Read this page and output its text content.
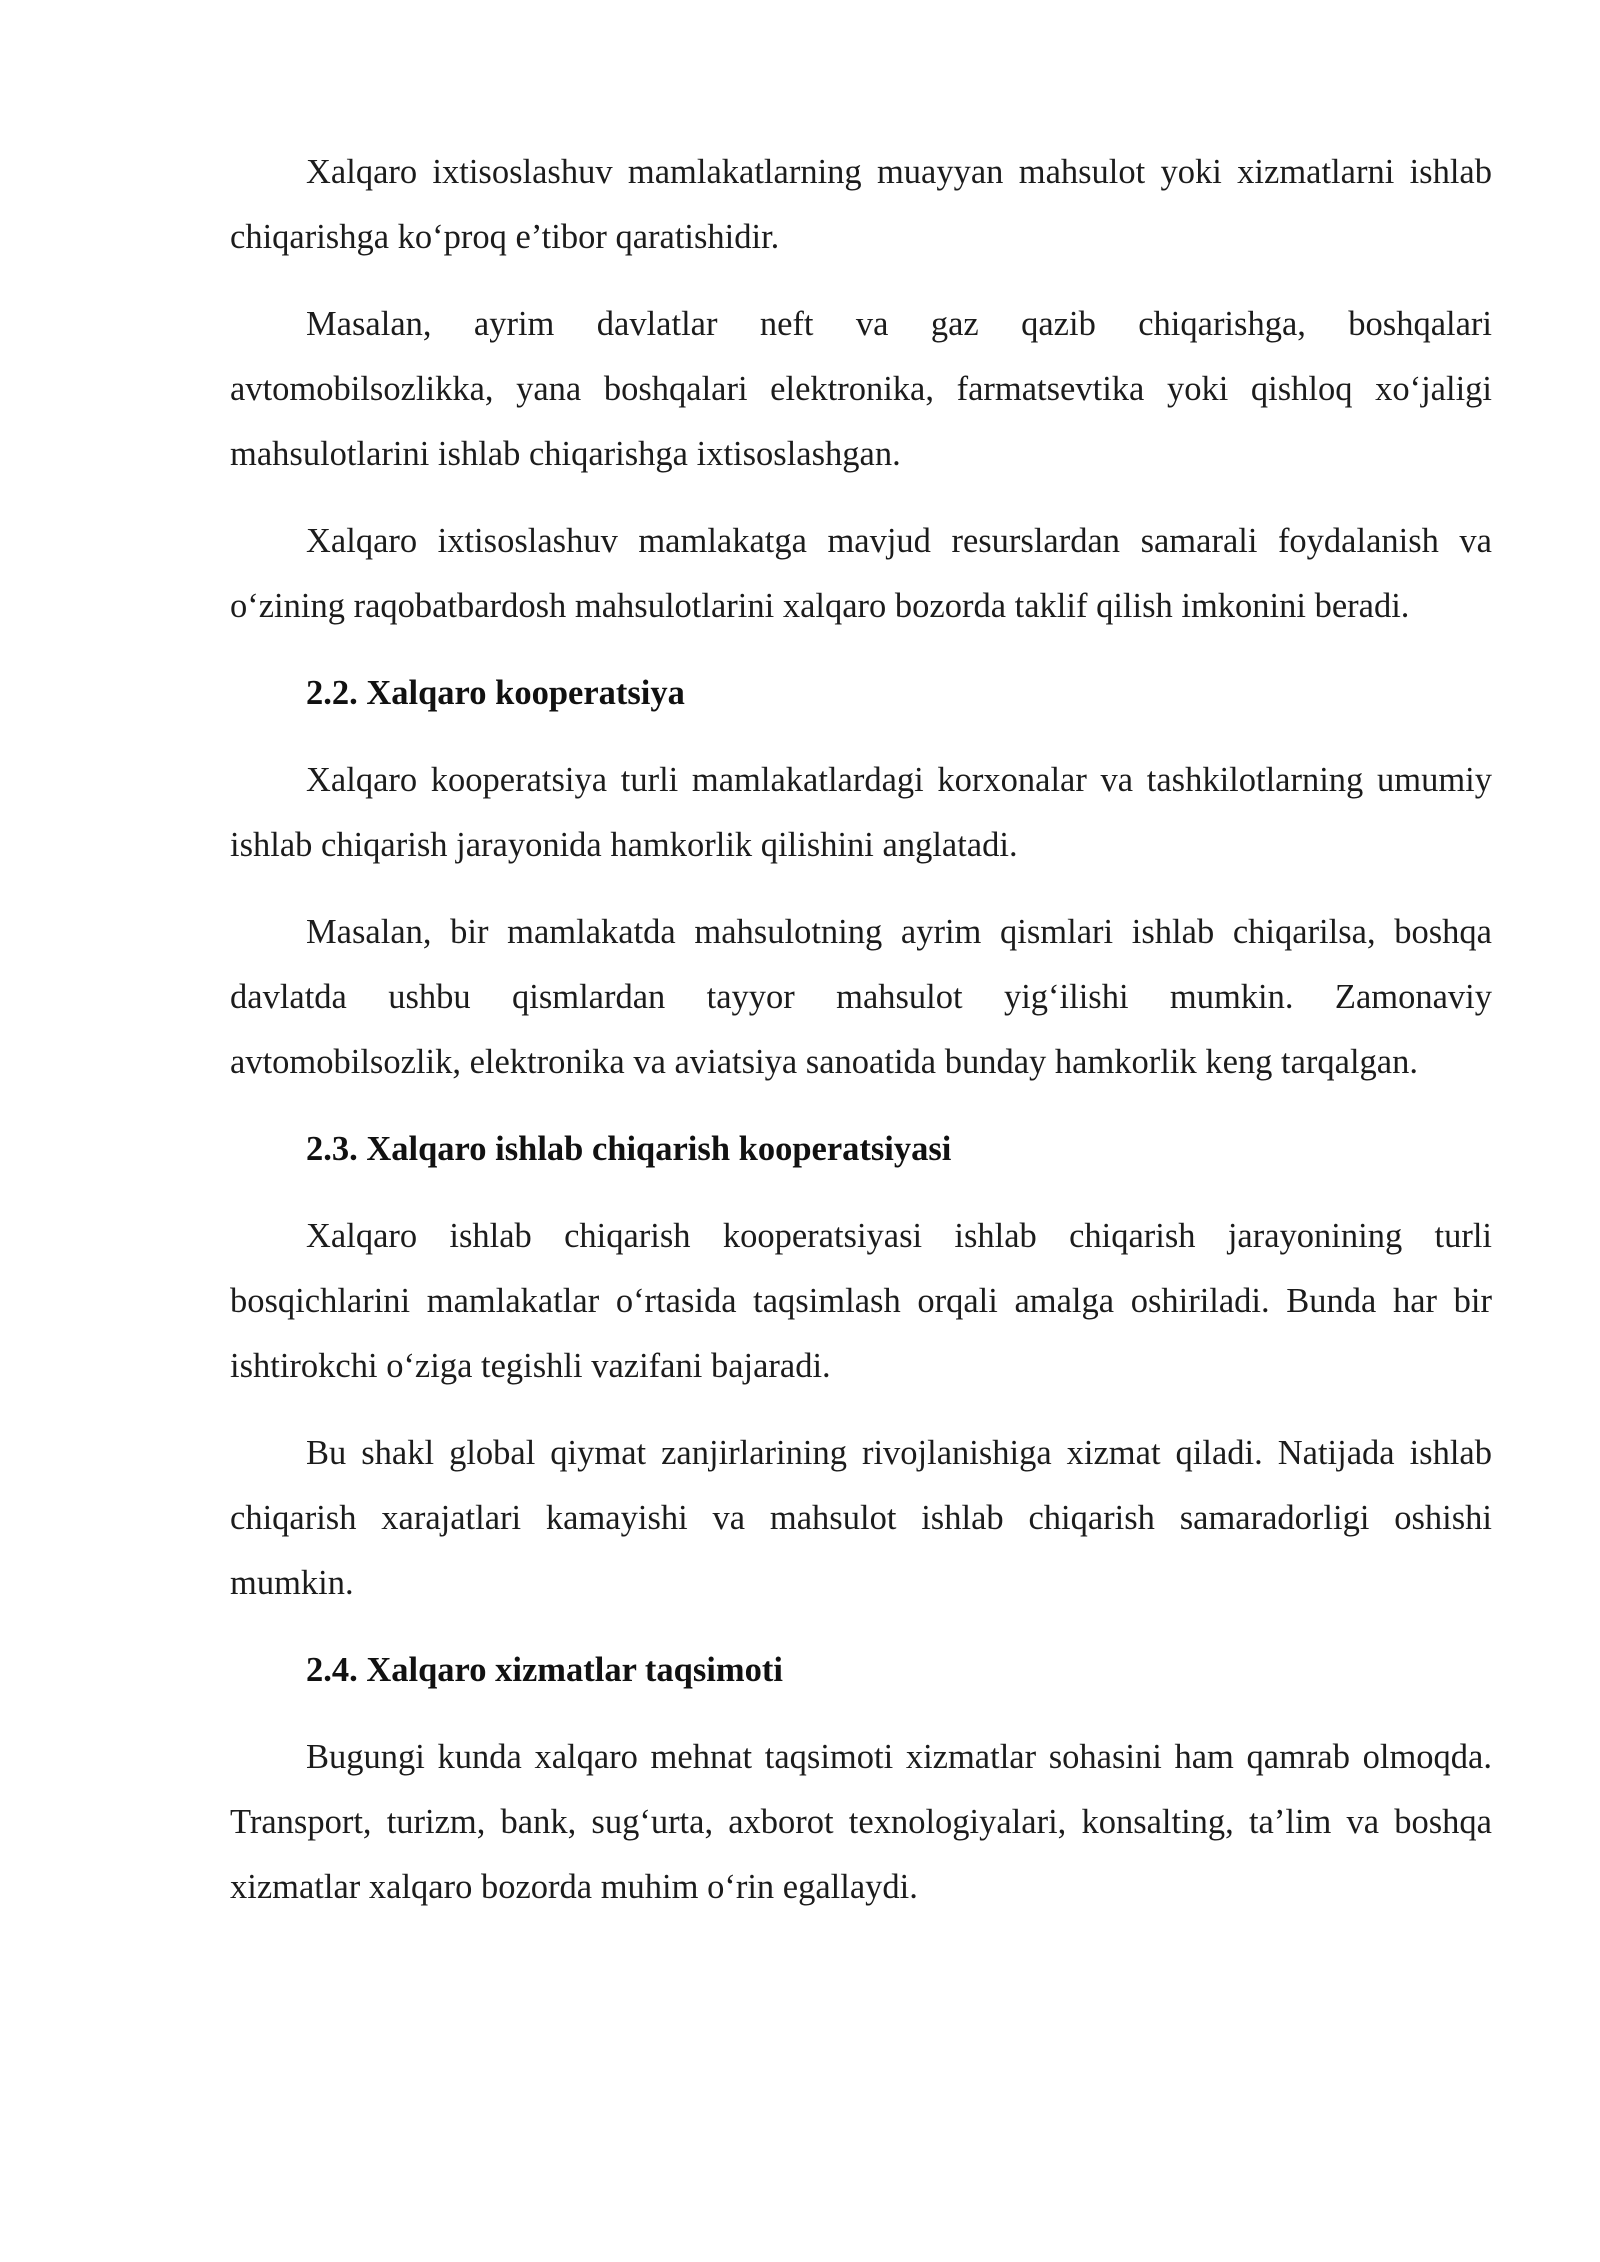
Xalqaro ixtisoslashuv mamlakatlarning muayyan mahsulot yoki xizmatlarni ishlab chiqarishga ko‘proq e’tibor qaratishidir.

Masalan, ayrim davlatlar neft va gaz qazib chiqarishga, boshqalari avtomobilsozlikka, yana boshqalari elektronika, farmatsevtika yoki qishloq xo‘jaligi mahsulotlarini ishlab chiqarishga ixtisoslashgan.

Xalqaro ixtisoslashuv mamlakatga mavjud resurslardan samarali foydalanish va o‘zining raqobatbardosh mahsulotlarini xalqaro bozorda taklif qilish imkonini beradi.

2.2. Xalqaro kooperatsiya

Xalqaro kooperatsiya turli mamlakatlardagi korxonalar va tashkilotlarning umumiy ishlab chiqarish jarayonida hamkorlik qilishini anglatadi.

Masalan, bir mamlakatda mahsulotning ayrim qismlari ishlab chiqarilsa, boshqa davlatda ushbu qismlardan tayyor mahsulot yig‘ilishi mumkin. Zamonaviy avtomobilsozlik, elektronika va aviatsiya sanoatida bunday hamkorlik keng tarqalgan.

2.3. Xalqaro ishlab chiqarish kooperatsiyasi

Xalqaro ishlab chiqarish kooperatsiyasi ishlab chiqarish jarayonining turli bosqichlarini mamlakatlar o‘rtasida taqsimlash orqali amalga oshiriladi. Bunda har bir ishtirokchi o‘ziga tegishli vazifani bajaradi.

Bu shakl global qiymat zanjirlarining rivojlanishiga xizmat qiladi. Natijada ishlab chiqarish xarajatlari kamayishi va mahsulot ishlab chiqarish samaradorligi oshishi mumkin.

2.4. Xalqaro xizmatlar taqsimoti

Bugungi kunda xalqaro mehnat taqsimoti xizmatlar sohasini ham qamrab olmoqda. Transport, turizm, bank, sug‘urta, axborot texnologiyalari, konsalting, ta’lim va boshqa xizmatlar xalqaro bozorda muhim o‘rin egallaydi.
